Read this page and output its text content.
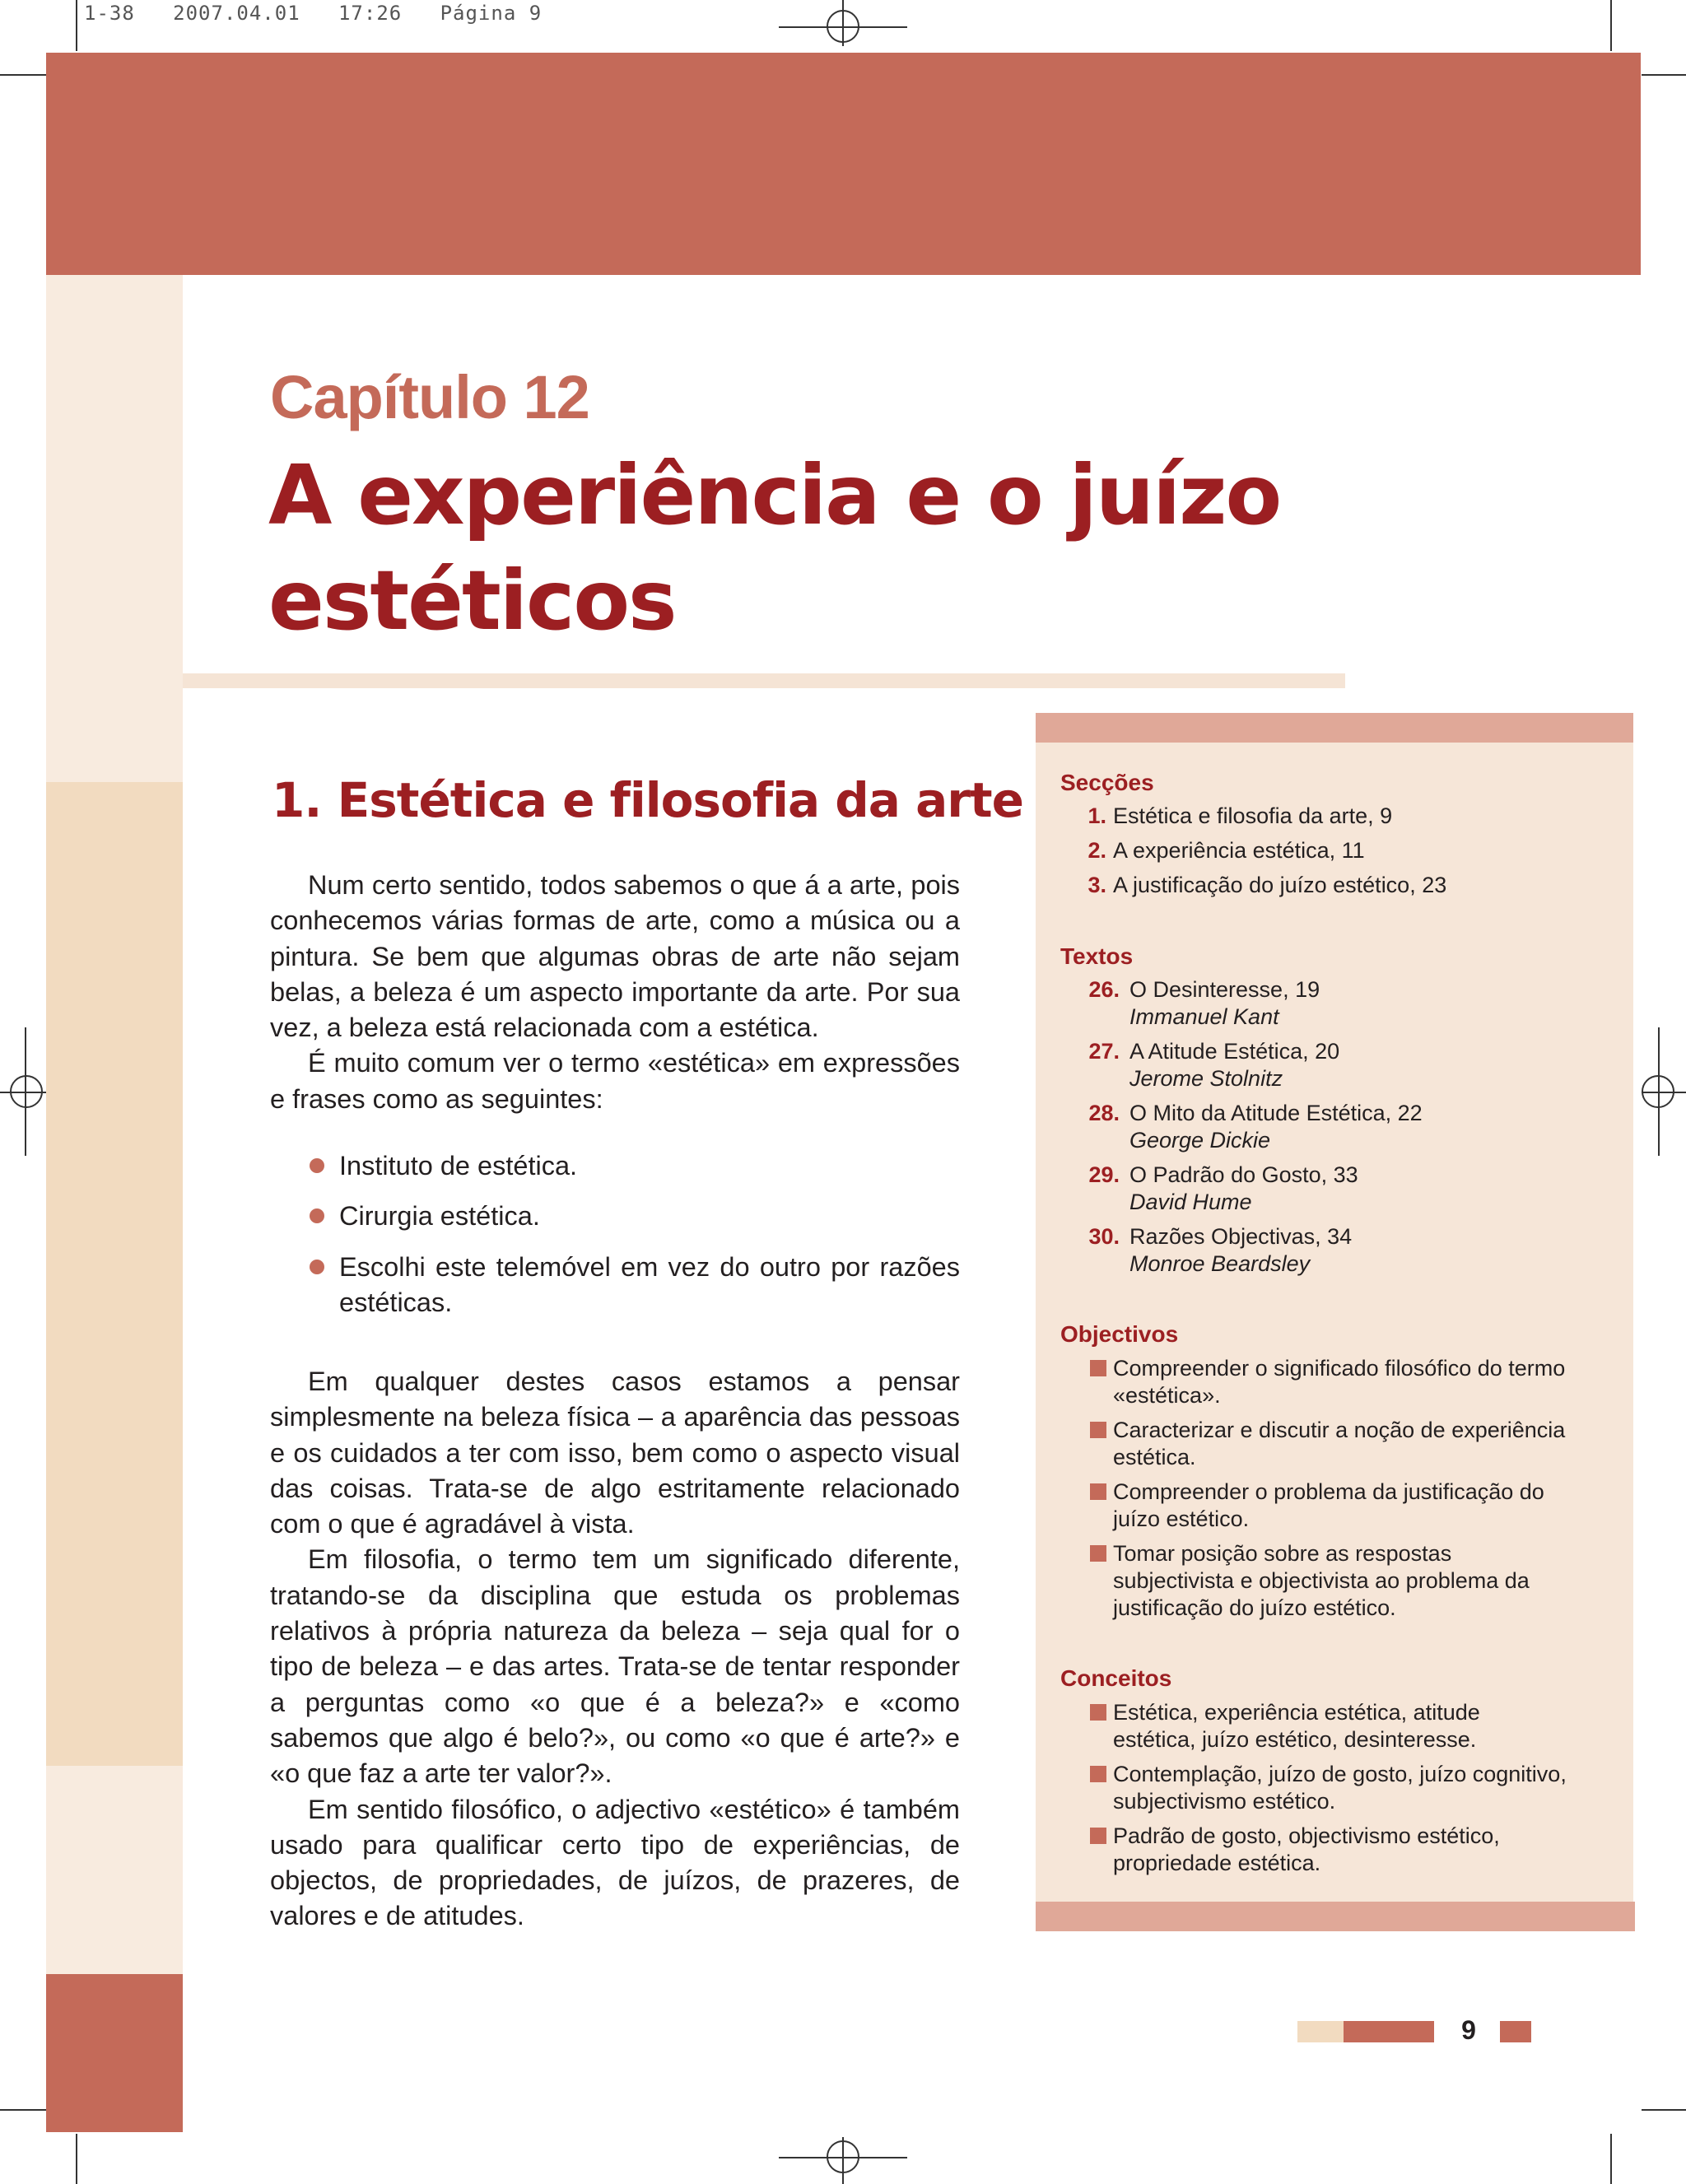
1-38   2007.04.01   17:26   Página 9
Capítulo 12
A experiência e o juízo estéticos
1. Estética e filosofia da arte

Num certo sentido, todos sabemos o que á a arte, pois conhecemos várias formas de arte, como a música ou a pintura. Se bem que algumas obras de arte não sejam belas, a beleza é um aspecto importante da arte. Por sua vez, a beleza está relacionada com a estética.

É muito comum ver o termo «estética» em expressões e frases como as seguintes:

Instituto de estética.
Cirurgia estética.
Escolhi este telemóvel em vez do outro por razões estéticas.

Em qualquer destes casos estamos a pensar simplesmente na beleza física – a aparência das pessoas e os cuidados a ter com isso, bem como o aspecto visual das coisas. Trata-se de algo estritamente relacionado com o que é agradável à vista.

Em filosofia, o termo tem um significado diferente, tratando-se da disciplina que estuda os problemas relativos à própria natureza da beleza – seja qual for o tipo de beleza – e das artes. Trata-se de tentar responder a perguntas como «o que é a beleza?» e «como sabemos que algo é belo?», ou como «o que é arte?» e «o que faz a arte ter valor?».

Em sentido filosófico, o adjectivo «estético» é também usado para qualificar certo tipo de experiências, de objectos, de propriedades, de juízos, de prazeres, de valores e de atitudes.

Secções
1. Estética e filosofia da arte, 9
2. A experiência estética, 11
3. A justificação do juízo estético, 23
Textos
26. O Desinteresse, 19
Immanuel Kant
27. A Atitude Estética, 20
Jerome Stolnitz
28. O Mito da Atitude Estética, 22
George Dickie
29. O Padrão do Gosto, 33
David Hume
30. Razões Objectivas, 34
Monroe Beardsley
Objectivos
Compreender o significado filosófico do termo «estética».
Caracterizar e discutir a noção de experiência estética.
Compreender o problema da justificação do juízo estético.
Tomar posição sobre as respostas subjectivista e objectivista ao problema da justificação do juízo estético.
Conceitos
Estética, experiência estética, atitude estética, juízo estético, desinteresse.
Contemplação, juízo de gosto, juízo cognitivo, subjectivismo estético.
Padrão de gosto, objectivismo estético, propriedade estética.
9
